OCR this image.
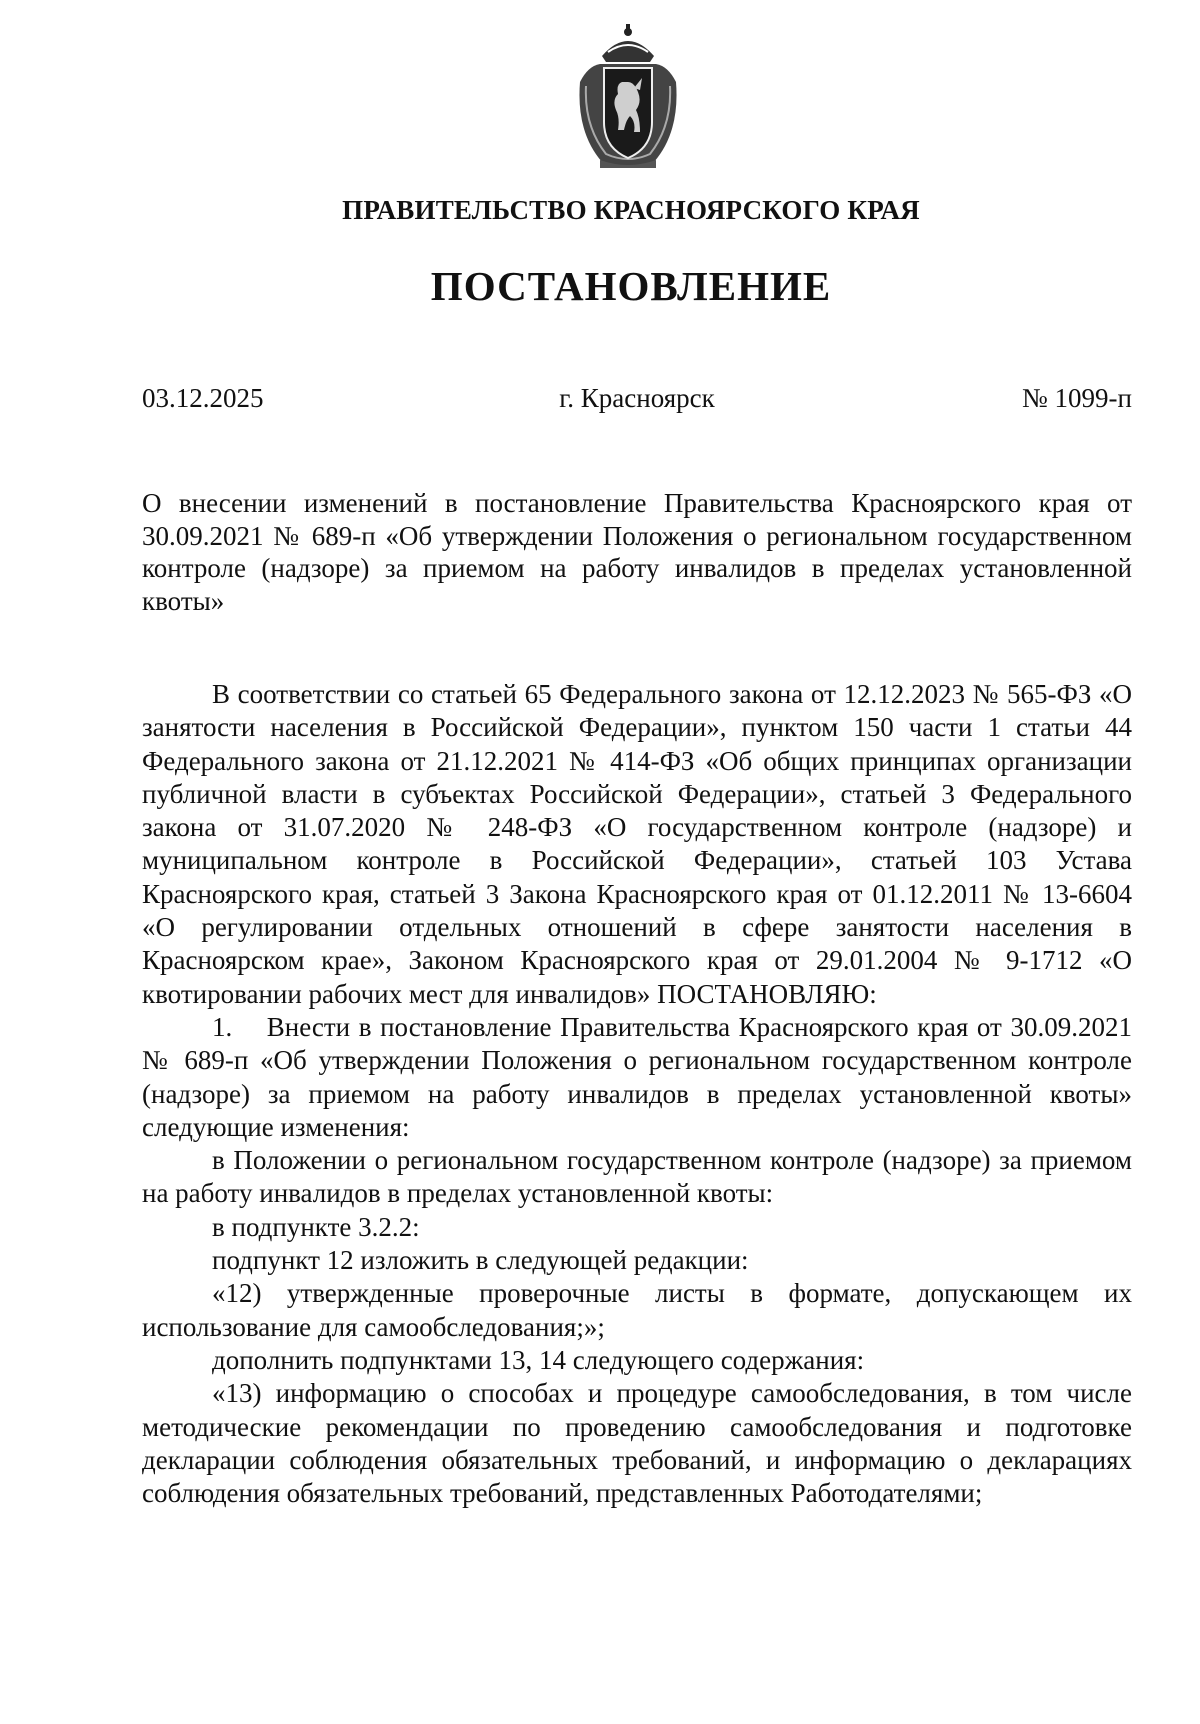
ПРАВИТЕЛЬСТВО КРАСНОЯРСКОГО КРАЯ
ПОСТАНОВЛЕНИЕ
03.12.2025	г. Красноярск	№ 1099-п
О внесении изменений в постановление Правительства Красноярского края от 30.09.2021 № 689-п «Об утверждении Положения о региональном государственном контроле (надзоре) за приемом на работу инвалидов в пределах установленной квоты»

В соответствии со статьей 65 Федерального закона от 12.12.2023 № 565-ФЗ «О занятости населения в Российской Федерации», пунктом 150 части 1 статьи 44 Федерального закона от 21.12.2021 № 414-ФЗ «Об общих принципах организации публичной власти в субъектах Российской Федерации», статьей 3 Федерального закона от 31.07.2020 № 248-ФЗ «О государственном контроле (надзоре) и муниципальном контроле в Российской Федерации», статьей 103 Устава Красноярского края, статьей 3 Закона Красноярского края от 01.12.2011 № 13-6604 «О регулировании отдельных отношений в сфере занятости населения в Красноярском крае», Законом Красноярского края от 29.01.2004 № 9-1712 «О квотировании рабочих мест для инвалидов» ПОСТАНОВЛЯЮ:

1.    Внести в постановление Правительства Красноярского края от 30.09.2021 № 689-п «Об утверждении Положения о региональном государственном контроле (надзоре) за приемом на работу инвалидов в пределах установленной квоты» следующие изменения:

в Положении о региональном государственном контроле (надзоре) за приемом на работу инвалидов в пределах установленной квоты:

в подпункте 3.2.2:

подпункт 12 изложить в следующей редакции:

«12) утвержденные проверочные листы в формате, допускающем их использование для самообследования;»;

дополнить подпунктами 13, 14 следующего содержания:

«13) информацию о способах и процедуре самообследования, в том числе методические рекомендации по проведению самообследования и подготовке декларации соблюдения обязательных требований, и информацию о декларациях соблюдения обязательных требований, представленных Работодателями;
